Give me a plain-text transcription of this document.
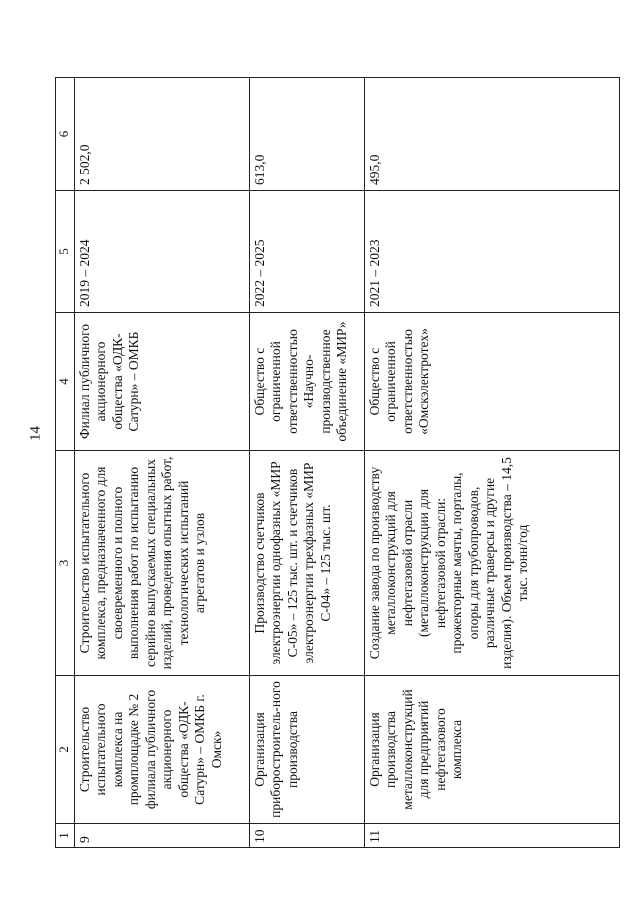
14
1	2	3	4	5	6
9	Строительство испытательного комплекса на промплощадке № 2 филиала публичного акционерного общества «ОДК-Сатурн» – ОМКБ г. Омск»	Строительство испытательного комплекса, предназначенного для своевременного и полного выполнения работ по испытанию серийно выпускаемых специальных изделий, проведения опытных работ, технологических испытаний агрегатов и узлов	Филиал публичного акционерного общества «ОДК-Сатурн» – ОМКБ	2019 – 2024	2 502,0
10	Организация приборостроитель-ного производства	Производство счетчиков электроэнергии однофазных «МИР С-05» – 125 тыс. шт. и счетчиков электроэнергии трехфазных «МИР С-04» – 125 тыс. шт.	Общество с ограниченной ответственностью «Научно-производственное объединение «МИР»	2022 – 2025	613,0
11	Организация производства металлоконструкций для предприятий нефтегазового комплекса	Создание завода по производству металлоконструкций для нефтегазовой отрасли (металлоконструкции для нефтегазовой отрасли: прожекторные мачты, порталы, опоры для трубопроводов, различные траверсы и другие изделия). Объем производства – 14,5 тыс. тонн/год	Общество с ограниченной ответственностью «Омскэлектротех»	2021 – 2023	495,0
